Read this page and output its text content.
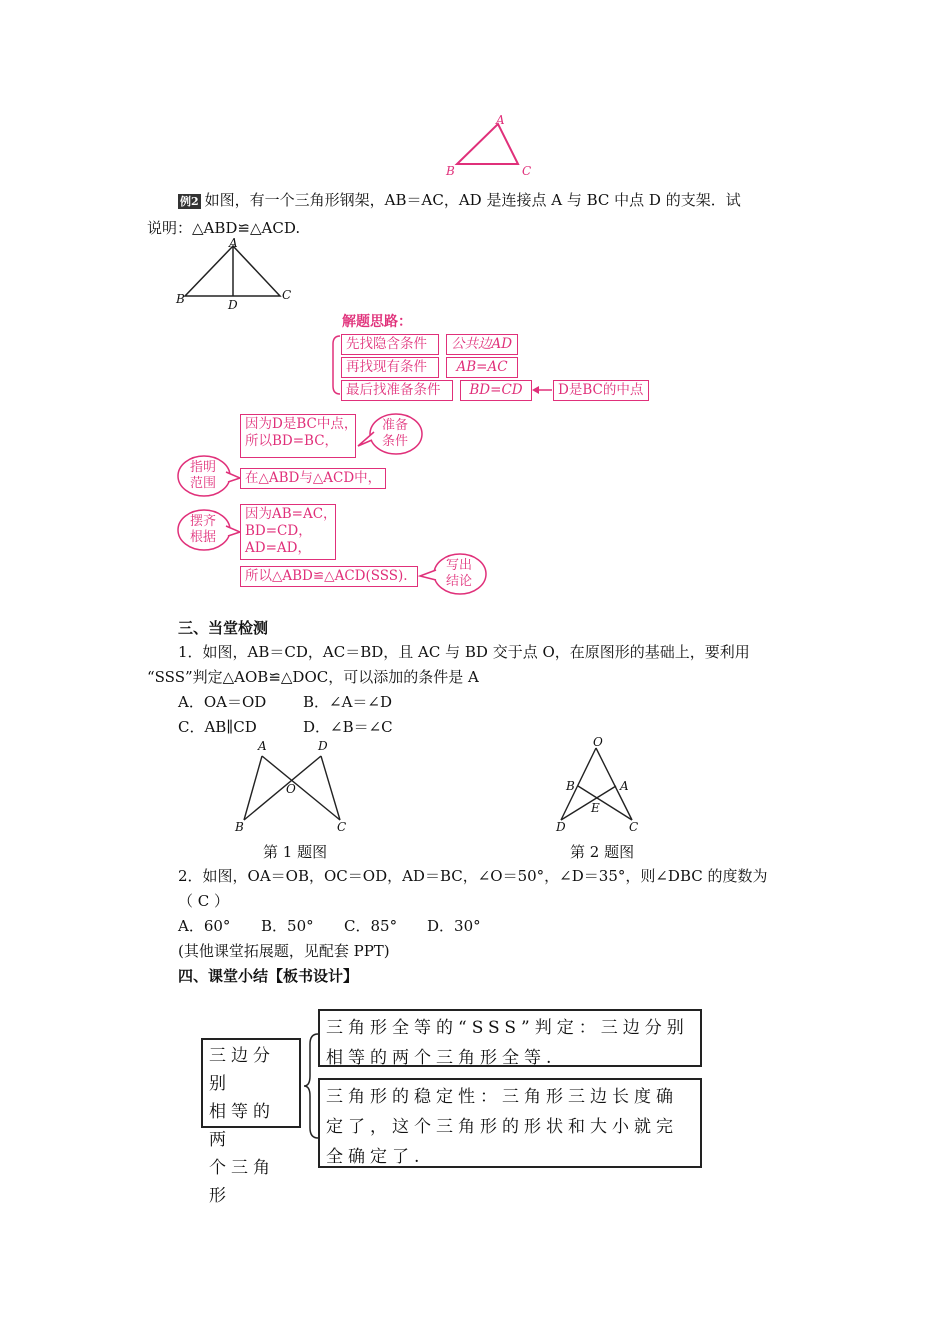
A
B	C
例2 如图，有一个三角形钢架，AB＝AC，AD 是连接点 A 与 BC 中点 D 的支架．试
说明：△ABD≌△ACD.
A
B	D
C
解题思路：
先找隐含条件	公共边AD
再找现有条件	AB=AC
最后找准备条件	BD=CD	D是BC的中点
因为D是BC中点，
所以BD=BC，
准备
条件
指明
范围	在△ABD与△ACD中，
摆齐
根据
因为AB=AC，
BD=CD，
AD=AD，
所以△ABD≌△ACD(SSS).
写出
结论
三、当堂检测
1．如图，AB＝CD，AC＝BD，且 AC 与 BD 交于点 O，在原图形的基础上，要利用
“SSS”判定△AOB≌△DOC，可以添加的条件是 A
A．OA＝OD B．∠A＝∠D
C．AB∥CD	D．∠B＝∠C
A	D
O
B	C
第 1 题图
O
B	A
E
D	C
第 2 题图
2．如图，OA＝OB，OC＝OD，AD＝BC，∠O＝50°，∠D＝35°，则∠DBC 的度数为
（ C ）
A．60° B．50° C．85° D．30°
(其他课堂拓展题，见配套 PPT)
四、课堂小结【板书设计】
三边分别
相等的两
个三角形
三角形全等的“SSS”判定：三边分别
相等的两个三角形全等.
三角形的稳定性：三角形三边长度确
定了，这个三角形的形状和大小就完
全确定了.
